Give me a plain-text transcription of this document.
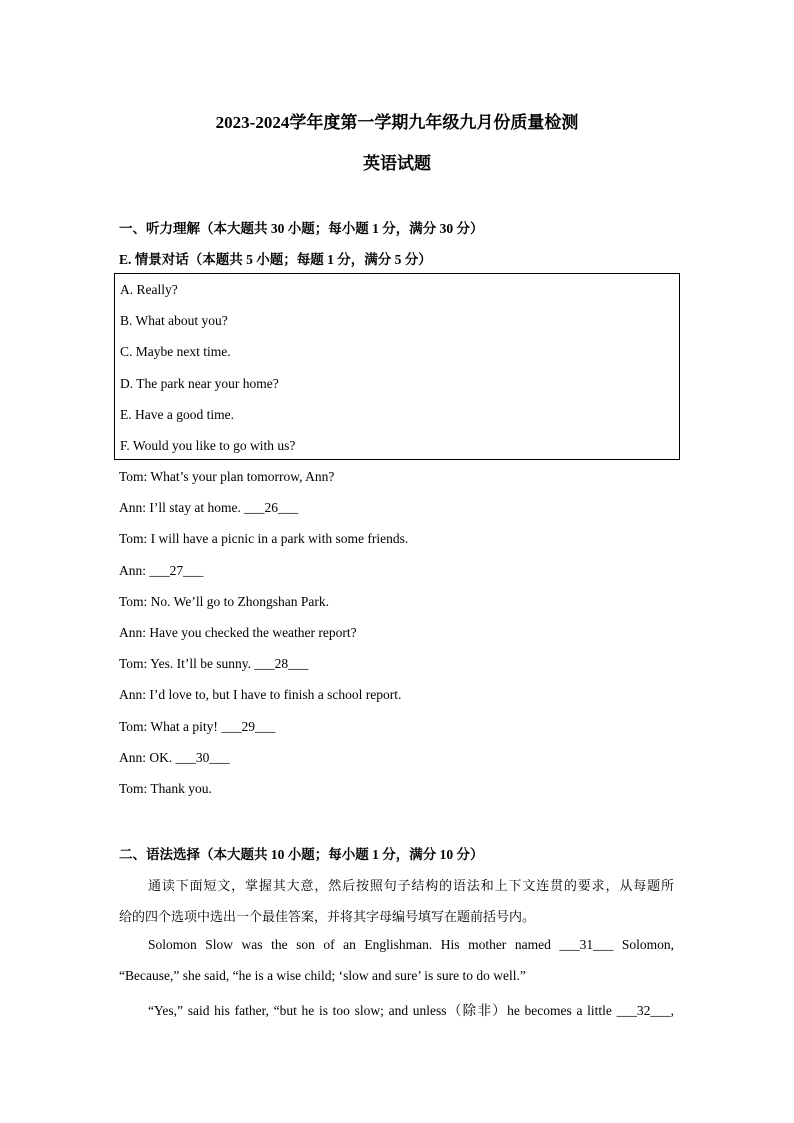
2023-2024学年度第一学期九年级九月份质量检测
英语试题
一、听力理解（本大题共 30 小题；每小题 1 分，满分 30 分）
E. 情景对话（本题共 5 小题；每题 1 分，满分 5 分）
A. Really?
B. What about you?
C. Maybe next time.
D. The park near your home?
E. Have a good time.
F. Would you like to go with us?
Tom: What’s your plan tomorrow, Ann?
Ann: I’ll stay at home. ___26___
Tom: I will have a picnic in a park with some friends.
Ann: ___27___
Tom: No. We’ll go to Zhongshan Park.
Ann: Have you checked the weather report?
Tom: Yes. It’ll be sunny. ___28___
Ann: I’d love to, but I have to finish a school report.
Tom: What a pity! ___29___
Ann: OK. ___30___
Tom: Thank you.
二、语法选择（本大题共 10 小题；每小题 1 分，满分 10 分）
通读下面短文，掌握其大意，然后按照句子结构的语法和上下文连贯的要求，从每题所
给的四个选项中选出一个最佳答案，并将其字母编号填写在题前括号内。
Solomon Slow was the son of an Englishman. His mother named ___31___ Solomon,
“Because,” she said, “he is a wise child; ‘slow and sure’ is sure to do well.”
“Yes,” said his father, “but he is too slow; and unless（除非）he becomes a little ___32___,
